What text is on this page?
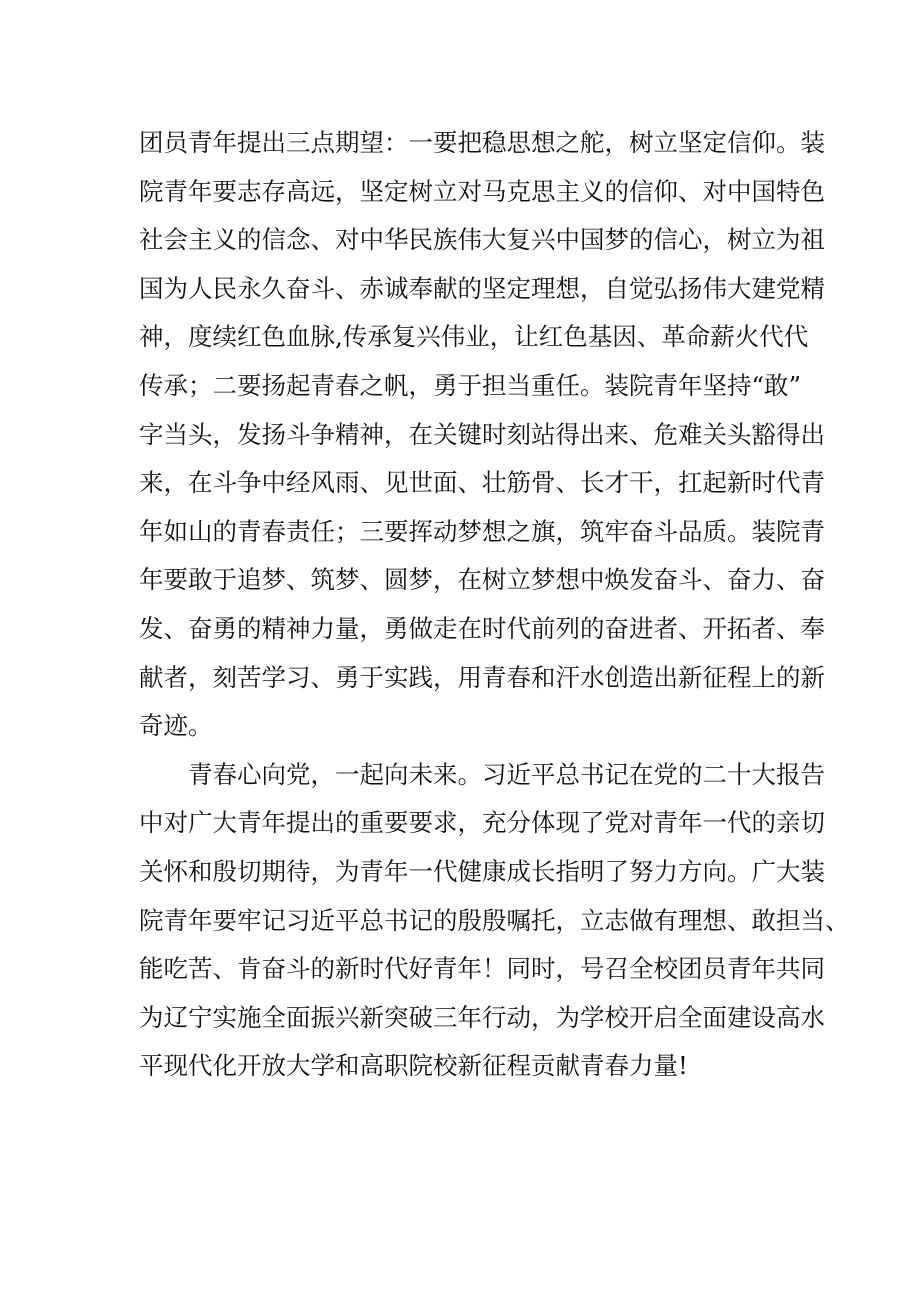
团员青年提出三点期望：一要把稳思想之舵，树立坚定信仰。装
院青年要志存高远，坚定树立对马克思主义的信仰、对中国特色
社会主义的信念、对中华民族伟大复兴中国梦的信心，树立为祖
国为人民永久奋斗、赤诚奉献的坚定理想，自觉弘扬伟大建党精
神，度续红色血脉,传承复兴伟业，让红色基因、革命薪火代代
传承；二要扬起青春之帆，勇于担当重任。装院青年坚持“敢”
字当头，发扬斗争精神，在关键时刻站得出来、危难关头豁得出
来，在斗争中经风雨、见世面、壮筋骨、长才干，扛起新时代青
年如山的青春责任；三要挥动梦想之旗，筑牢奋斗品质。装院青
年要敢于追梦、筑梦、圆梦，在树立梦想中焕发奋斗、奋力、奋
发、奋勇的精神力量，勇做走在时代前列的奋进者、开拓者、奉
献者，刻苦学习、勇于实践，用青春和汗水创造出新征程上的新
奇迹。
青春心向党，一起向未来。习近平总书记在党的二十大报告
中对广大青年提出的重要要求，充分体现了党对青年一代的亲切
关怀和殷切期待，为青年一代健康成长指明了努力方向。广大装
院青年要牢记习近平总书记的殷殷嘱托，立志做有理想、敢担当、
能吃苦、肯奋斗的新时代好青年！同时，号召全校团员青年共同
为辽宁实施全面振兴新突破三年行动，为学校开启全面建设高水
平现代化开放大学和高职院校新征程贡献青春力量!
